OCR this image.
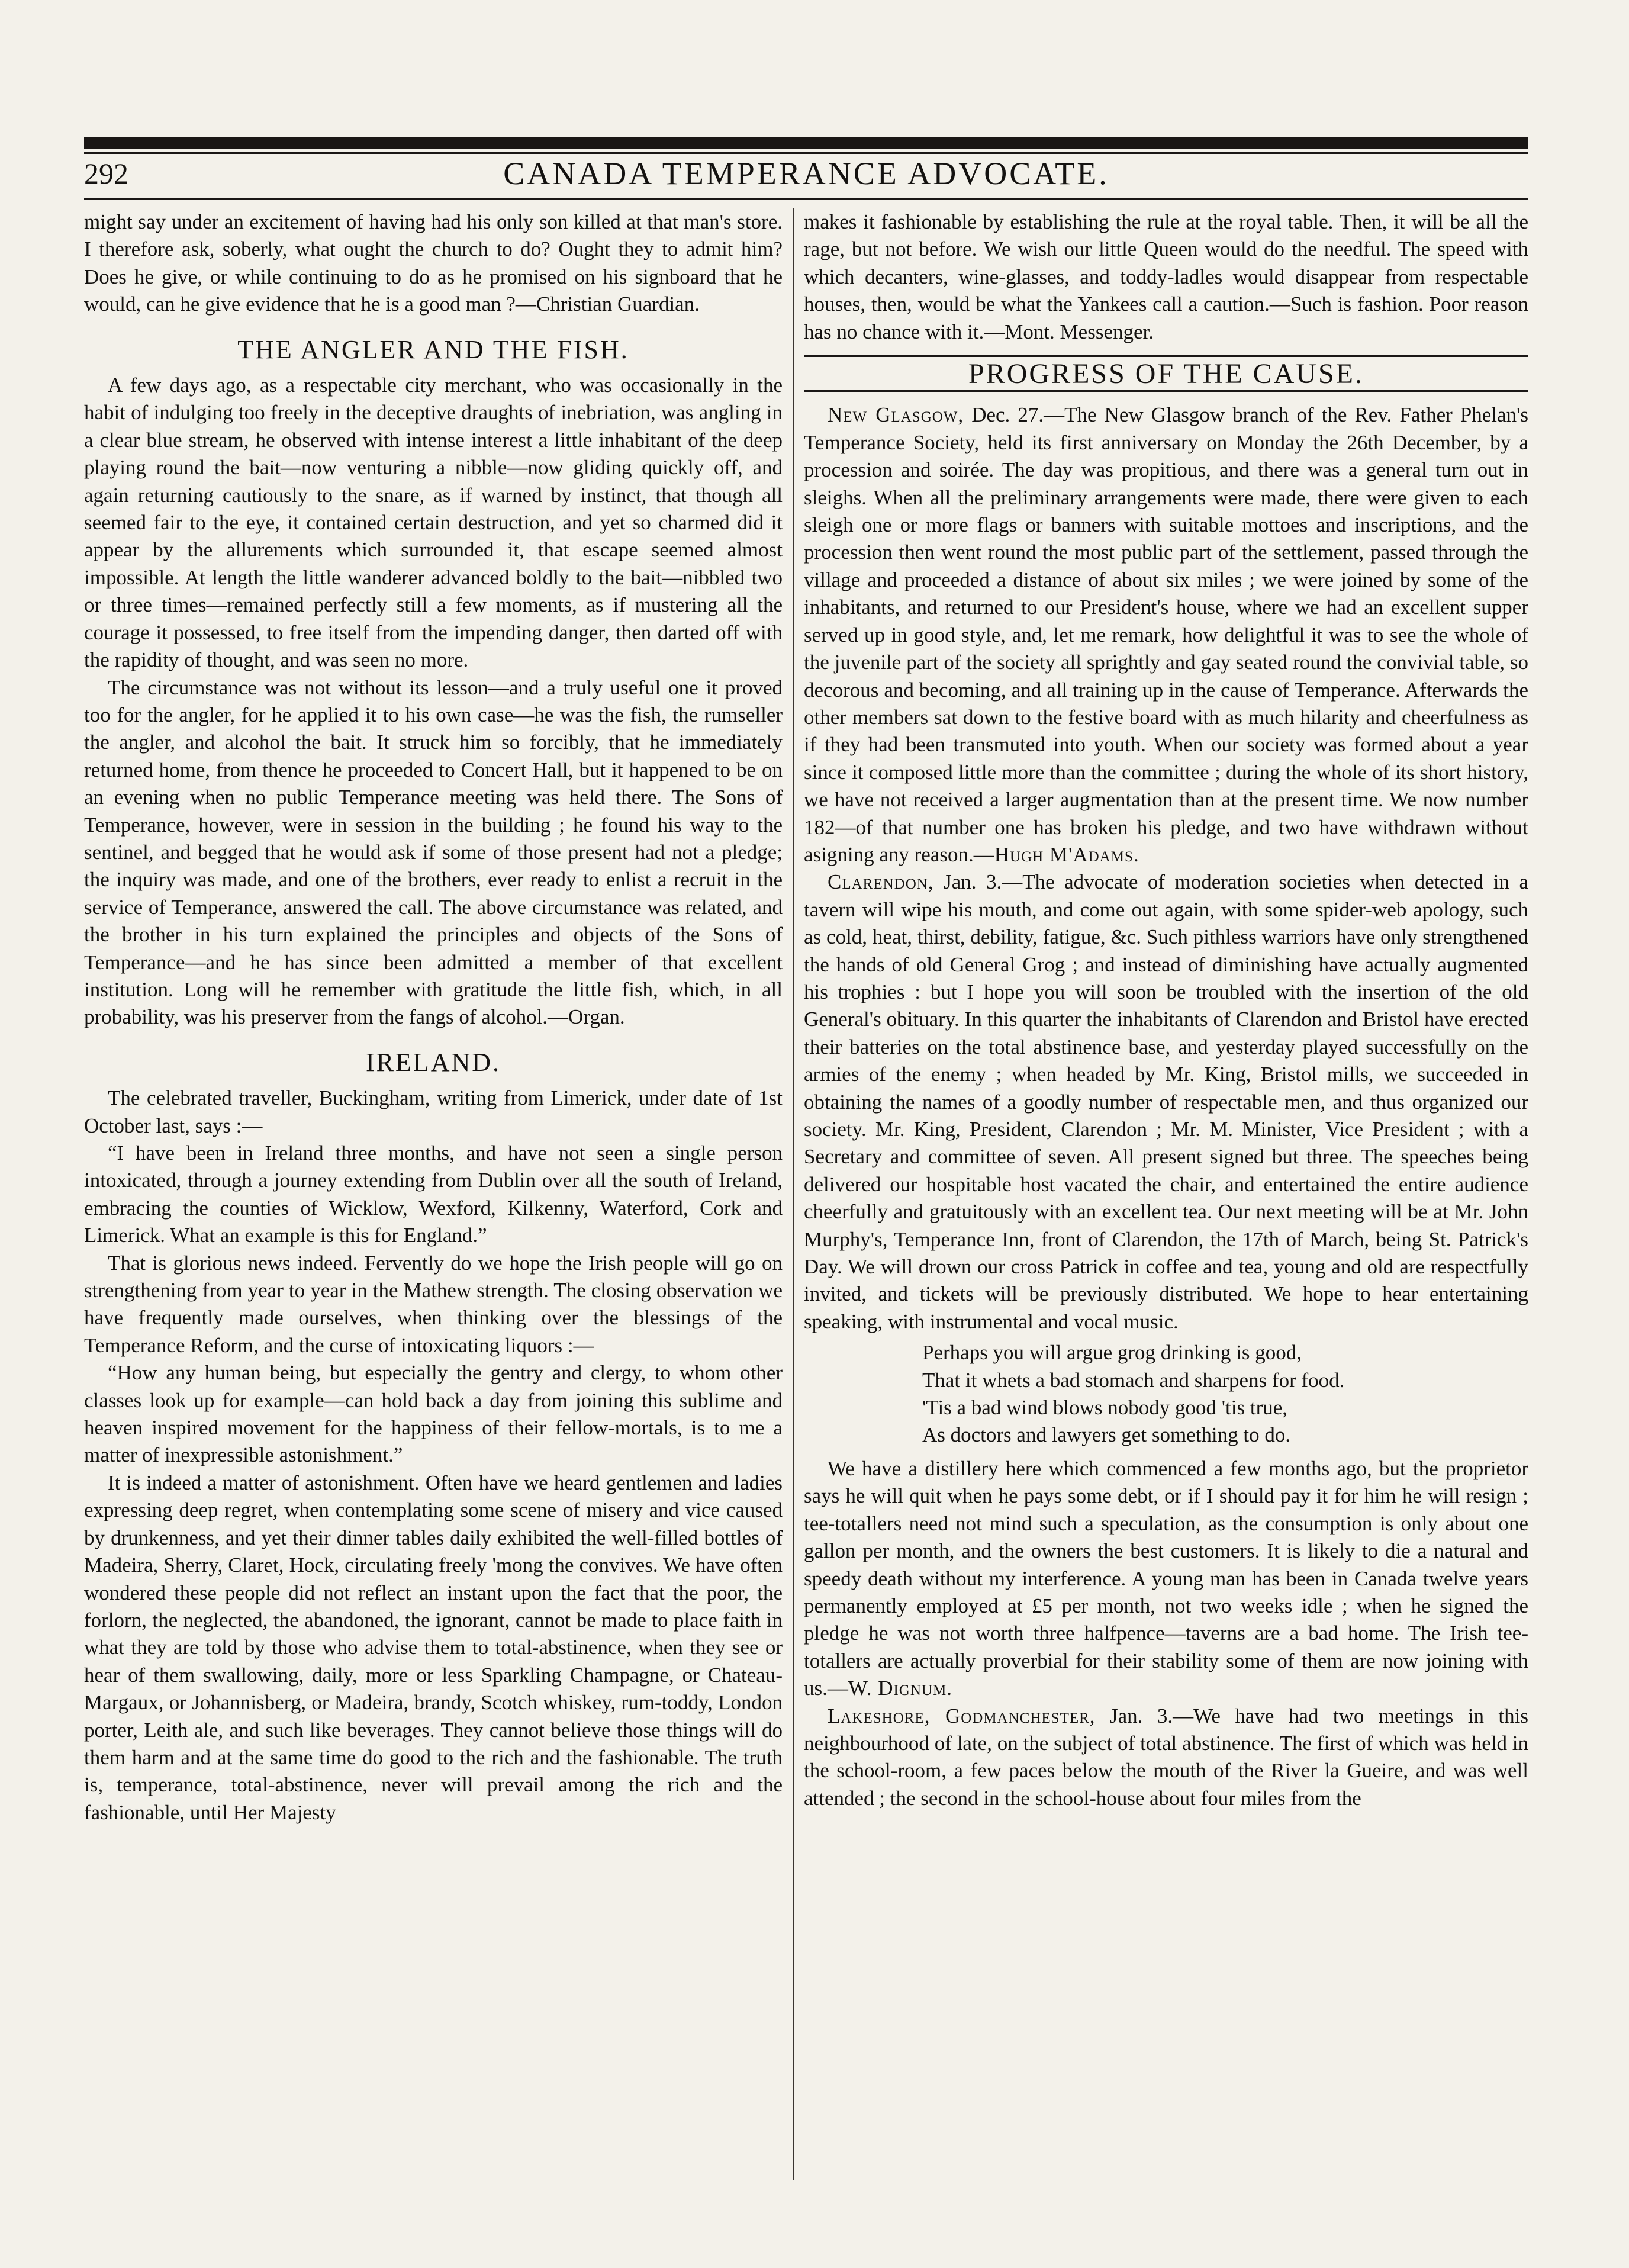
292	CANADA TEMPERANCE ADVOCATE.

might say under an excitement of having had his only son killed at that man's store. I therefore ask, soberly, what ought the church to do? Ought they to admit him? Does he give, or while continuing to do as he promised on his signboard that he would, can he give evidence that he is a good man ?—Christian Guardian.

THE ANGLER AND THE FISH.

A few days ago, as a respectable city merchant, who was occasionally in the habit of indulging too freely in the deceptive draughts of inebriation, was angling in a clear blue stream, he observed with intense interest a little inhabitant of the deep playing round the bait—now venturing a nibble—now gliding quickly off, and again returning cautiously to the snare, as if warned by instinct, that though all seemed fair to the eye, it contained certain destruction, and yet so charmed did it appear by the allurements which surrounded it, that escape seemed almost impossible. At length the little wanderer advanced boldly to the bait—nibbled two or three times—remained perfectly still a few moments, as if mustering all the courage it possessed, to free itself from the impending danger, then darted off with the rapidity of thought, and was seen no more.

The circumstance was not without its lesson—and a truly useful one it proved too for the angler, for he applied it to his own case—he was the fish, the rumseller the angler, and alcohol the bait. It struck him so forcibly, that he immediately returned home, from thence he proceeded to Concert Hall, but it happened to be on an evening when no public Temperance meeting was held there. The Sons of Temperance, however, were in session in the building ; he found his way to the sentinel, and begged that he would ask if some of those present had not a pledge; the inquiry was made, and one of the brothers, ever ready to enlist a recruit in the service of Temperance, answered the call. The above circumstance was related, and the brother in his turn explained the principles and objects of the Sons of Temperance—and he has since been admitted a member of that excellent institution. Long will he remember with gratitude the little fish, which, in all probability, was his preserver from the fangs of alcohol.—Organ.

IRELAND.

The celebrated traveller, Buckingham, writing from Limerick, under date of 1st October last, says :—

“I have been in Ireland three months, and have not seen a single person intoxicated, through a journey extending from Dublin over all the south of Ireland, embracing the counties of Wicklow, Wexford, Kilkenny, Waterford, Cork and Limerick. What an example is this for England.”

That is glorious news indeed. Fervently do we hope the Irish people will go on strengthening from year to year in the Mathew strength. The closing observation we have frequently made ourselves, when thinking over the blessings of the Temperance Reform, and the curse of intoxicating liquors :—

“How any human being, but especially the gentry and clergy, to whom other classes look up for example—can hold back a day from joining this sublime and heaven inspired movement for the happiness of their fellow-mortals, is to me a matter of inexpressible astonishment.”

It is indeed a matter of astonishment. Often have we heard gentlemen and ladies expressing deep regret, when contemplating some scene of misery and vice caused by drunkenness, and yet their dinner tables daily exhibited the well-filled bottles of Madeira, Sherry, Claret, Hock, circulating freely 'mong the convives. We have often wondered these people did not reflect an instant upon the fact that the poor, the forlorn, the neglected, the abandoned, the ignorant, cannot be made to place faith in what they are told by those who advise them to total-abstinence, when they see or hear of them swallowing, daily, more or less Sparkling Champagne, or Chateau-Margaux, or Johannisberg, or Madeira, brandy, Scotch whiskey, rum-toddy, London porter, Leith ale, and such like beverages. They cannot believe those things will do them harm and at the same time do good to the rich and the fashionable. The truth is, temperance, total-abstinence, never will prevail among the rich and the fashionable, until Her Majesty

makes it fashionable by establishing the rule at the royal table. Then, it will be all the rage, but not before. We wish our little Queen would do the needful. The speed with which decanters, wine-glasses, and toddy-ladles would disappear from respectable houses, then, would be what the Yankees call a caution.—Such is fashion. Poor reason has no chance with it.—Mont. Messenger.

PROGRESS OF THE CAUSE.

New Glasgow, Dec. 27.—The New Glasgow branch of the Rev. Father Phelan's Temperance Society, held its first anniversary on Monday the 26th December, by a procession and soirée. The day was propitious, and there was a general turn out in sleighs. When all the preliminary arrangements were made, there were given to each sleigh one or more flags or banners with suitable mottoes and inscriptions, and the procession then went round the most public part of the settlement, passed through the village and proceeded a distance of about six miles ; we were joined by some of the inhabitants, and returned to our President's house, where we had an excellent supper served up in good style, and, let me remark, how delightful it was to see the whole of the juvenile part of the society all sprightly and gay seated round the convivial table, so decorous and becoming, and all training up in the cause of Temperance. Afterwards the other members sat down to the festive board with as much hilarity and cheerfulness as if they had been transmuted into youth. When our society was formed about a year since it composed little more than the committee ; during the whole of its short history, we have not received a larger augmentation than at the present time. We now number 182—of that number one has broken his pledge, and two have withdrawn without asigning any reason.—Hugh M'Adams.

Clarendon, Jan. 3.—The advocate of moderation societies when detected in a tavern will wipe his mouth, and come out again, with some spider-web apology, such as cold, heat, thirst, debility, fatigue, &c. Such pithless warriors have only strengthened the hands of old General Grog ; and instead of diminishing have actually augmented his trophies : but I hope you will soon be troubled with the insertion of the old General's obituary. In this quarter the inhabitants of Clarendon and Bristol have erected their batteries on the total abstinence base, and yesterday played successfully on the armies of the enemy ; when headed by Mr. King, Bristol mills, we succeeded in obtaining the names of a goodly number of respectable men, and thus organized our society. Mr. King, President, Clarendon ; Mr. M. Minister, Vice President ; with a Secretary and committee of seven. All present signed but three. The speeches being delivered our hospitable host vacated the chair, and entertained the entire audience cheerfully and gratuitously with an excellent tea. Our next meeting will be at Mr. John Murphy's, Temperance Inn, front of Clarendon, the 17th of March, being St. Patrick's Day. We will drown our cross Patrick in coffee and tea, young and old are respectfully invited, and tickets will be previously distributed. We hope to hear entertaining speaking, with instrumental and vocal music.

Perhaps you will argue grog drinking is good,
That it whets a bad stomach and sharpens for food.
'Tis a bad wind blows nobody good 'tis true,
As doctors and lawyers get something to do.

We have a distillery here which commenced a few months ago, but the proprietor says he will quit when he pays some debt, or if I should pay it for him he will resign ; tee-totallers need not mind such a speculation, as the consumption is only about one gallon per month, and the owners the best customers. It is likely to die a natural and speedy death without my interference. A young man has been in Canada twelve years permanently employed at £5 per month, not two weeks idle ; when he signed the pledge he was not worth three halfpence—taverns are a bad home. The Irish tee-totallers are actually proverbial for their stability some of them are now joining with us.—W. Dignum.

Lakeshore, Godmanchester, Jan. 3.—We have had two meetings in this neighbourhood of late, on the subject of total abstinence. The first of which was held in the school-room, a few paces below the mouth of the River la Gueire, and was well attended ; the second in the school-house about four miles from the
